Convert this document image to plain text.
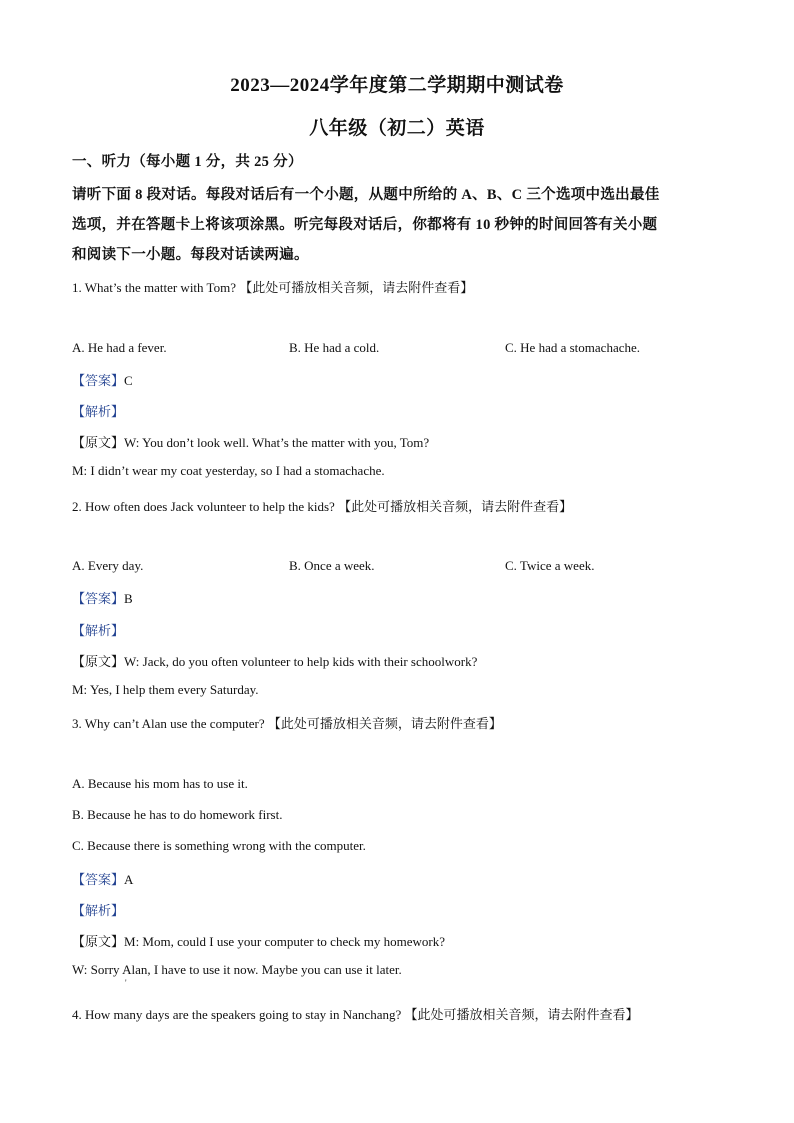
2023—2024学年度第二学期期中测试卷
八年级（初二）英语
一、听力（每小题 1 分，共 25 分）
请听下面 8 段对话。每段对话后有一个小题，从题中所给的 A、B、C 三个选项中选出最佳
选项，并在答题卡上将该项涂黑。听完每段对话后，你都将有 10 秒钟的时间回答有关小题
和阅读下一小题。每段对话读两遍。
1. What’s the matter with Tom? 【此处可播放相关音频，请去附件查看】
A. He had a fever.	B. He had a cold.	C. He had a stomachache.
【答案】C
【解析】
【原文】W: You don’t look well. What’s the matter with you, Tom?
M: I didn’t wear my coat yesterday, so I had a stomachache.
2. How often does Jack volunteer to help the kids? 【此处可播放相关音频，请去附件查看】
A. Every day.	B. Once a week.	C. Twice a week.
【答案】B
【解析】
【原文】W: Jack, do you often volunteer to help kids with their schoolwork?
M: Yes, I help them every Saturday.
3. Why can’t Alan use the computer? 【此处可播放相关音频，请去附件查看】
A. Because his mom has to use it.
B. Because he has to do homework first.
C. Because there is something wrong with the computer.
【答案】A
【解析】
【原文】M: Mom, could I use your computer to check my homework?
W: Sorry Alan, I have to use it now. Maybe you can use it later.
'
4. How many days are the speakers going to stay in Nanchang? 【此处可播放相关音频，请去附件查看】
